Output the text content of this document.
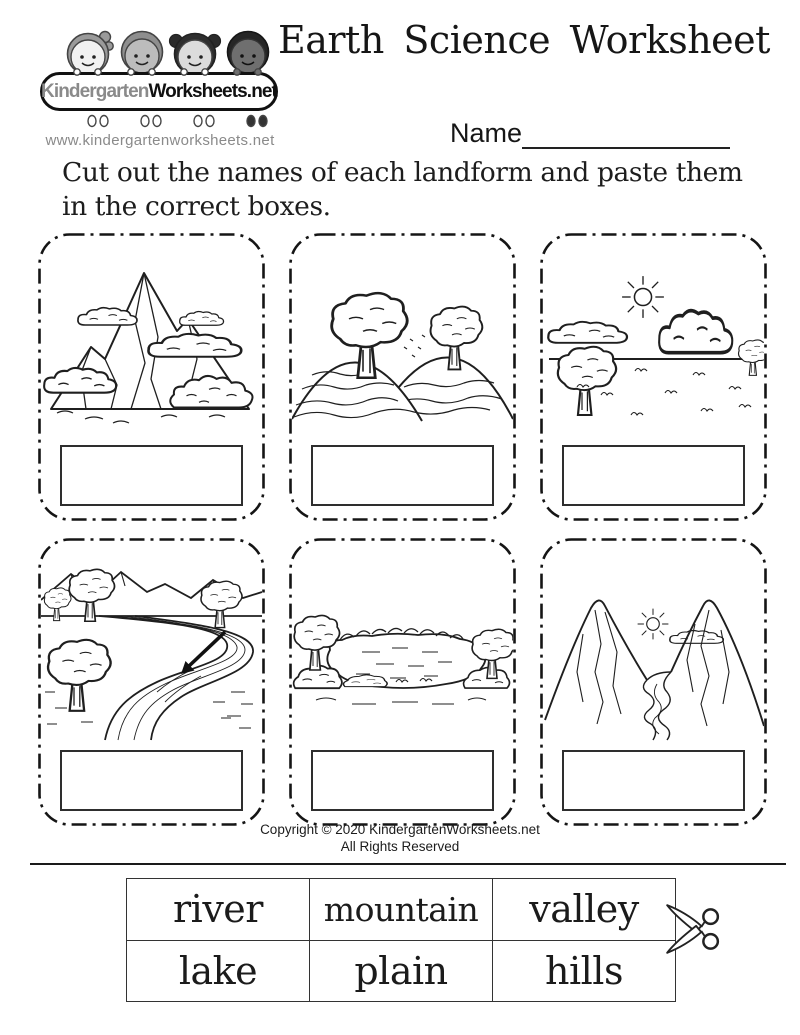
Kindergarten Worksheets.net
www.kindergartenworksheets.net
Earth Science Worksheet
Name
Cut out the names of each landform and paste them
in the correct boxes.
Copyright © 2020 KindergartenWorksheets.net
All Rights Reserved
river	mountain	valley
lake	plain	hills
